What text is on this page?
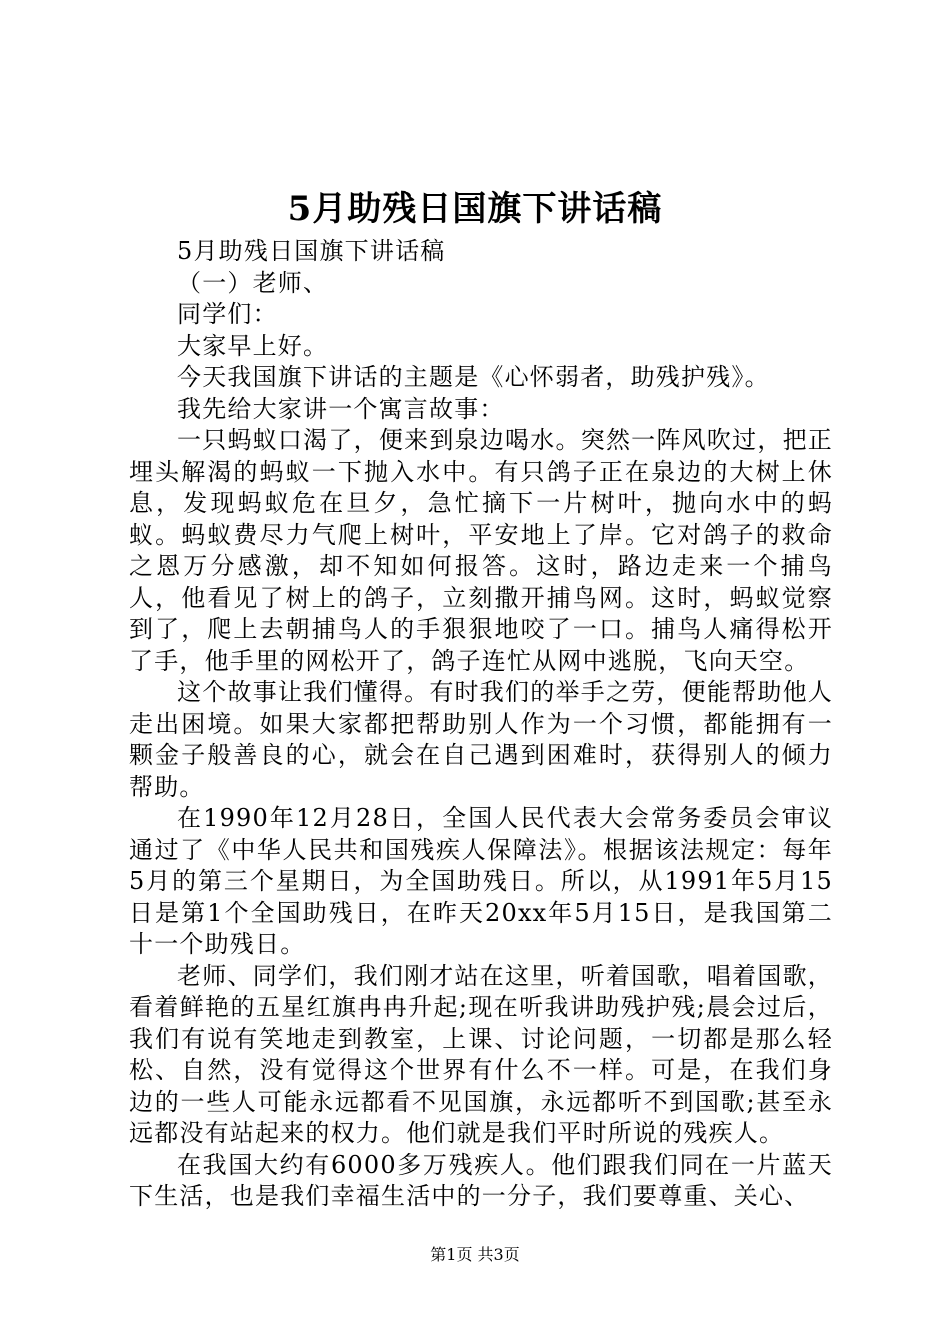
5月助残日国旗下讲话稿

5月助残日国旗下讲话稿

（一）老师、

同学们：

大家早上好。

今天我国旗下讲话的主题是《心怀弱者，助残护残》。

我先给大家讲一个寓言故事：

一只蚂蚁口渴了，便来到泉边喝水。突然一阵风吹过，把正埋头解渴的蚂蚁一下抛入水中。有只鸽子正在泉边的大树上休息，发现蚂蚁危在旦夕，急忙摘下一片树叶，抛向水中的蚂蚁。蚂蚁费尽力气爬上树叶，平安地上了岸。它对鸽子的救命之恩万分感激，却不知如何报答。这时，路边走来一个捕鸟人，他看见了树上的鸽子，立刻撒开捕鸟网。这时，蚂蚁觉察到了，爬上去朝捕鸟人的手狠狠地咬了一口。捕鸟人痛得松开了手，他手里的网松开了，鸽子连忙从网中逃脱，飞向天空。

这个故事让我们懂得。有时我们的举手之劳，便能帮助他人走出困境。如果大家都把帮助别人作为一个习惯，都能拥有一颗金子般善良的心，就会在自己遇到困难时，获得别人的倾力帮助。

在1990年12月28日，全国人民代表大会常务委员会审议通过了《中华人民共和国残疾人保障法》。根据该法规定：每年5月的第三个星期日，为全国助残日。所以，从1991年5月15日是第1个全国助残日，在昨天20xx年5月15日，是我国第二十一个助残日。

老师、同学们，我们刚才站在这里，听着国歌，唱着国歌，看着鲜艳的五星红旗冉冉升起;现在听我讲助残护残;晨会过后，我们有说有笑地走到教室，上课、讨论问题，一切都是那么轻松、自然，没有觉得这个世界有什么不一样。可是，在我们身边的一些人可能永远都看不见国旗，永远都听不到国歌;甚至永远都没有站起来的权力。他们就是我们平时所说的残疾人。

在我国大约有6000多万残疾人。他们跟我们同在一片蓝天下生活，也是我们幸福生活中的一分子，我们要尊重、关心、

第1页 共3页
